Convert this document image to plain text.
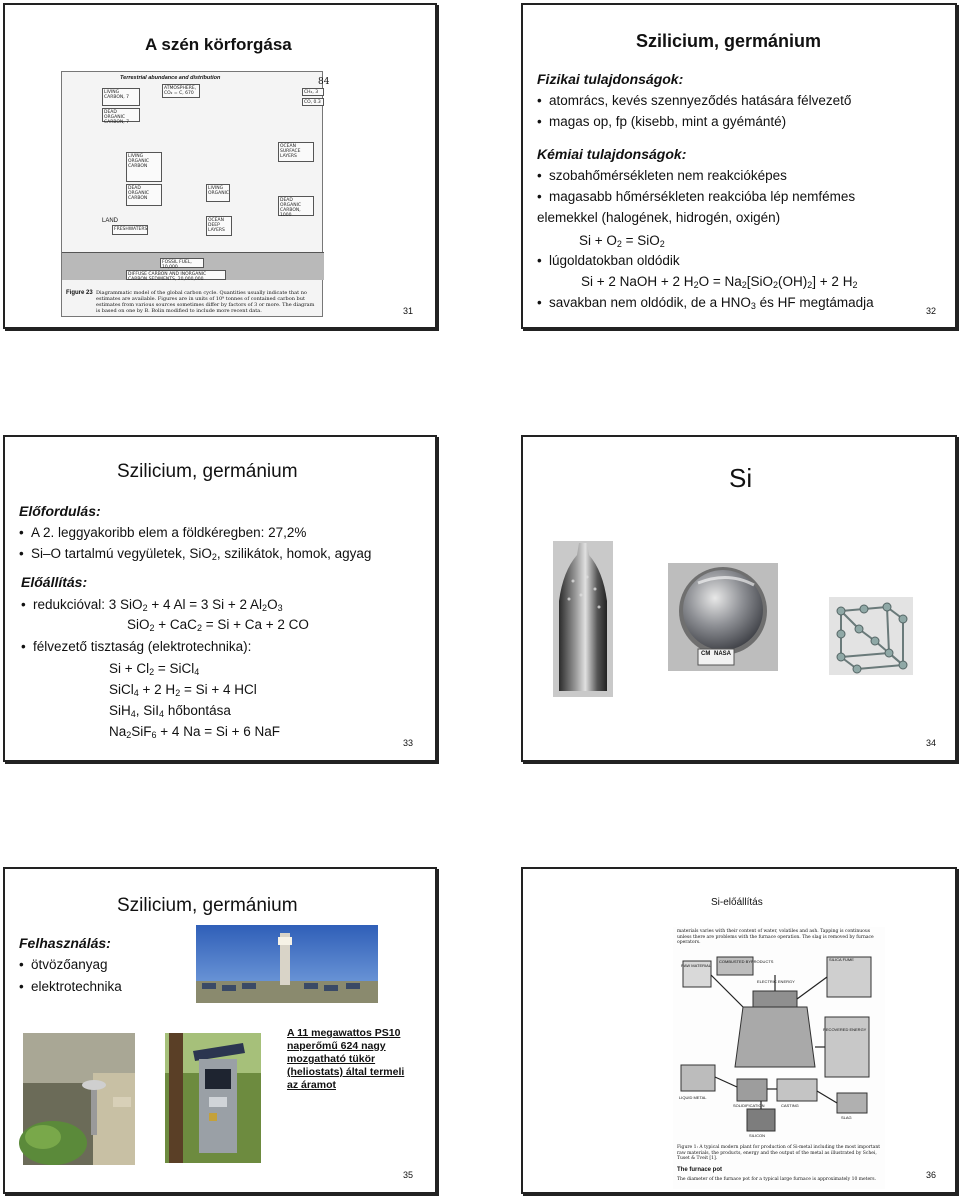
A szén körforgása
Terrestrial abundance and distribution	84
LIVING CARBON, 7
ATMOSPHERE, CO₂ = C, 670	CH₄, 3
CO, 0.3
DEAD ORGANIC CARBON, 7
LIVING ORGANIC CARBON
DEAD ORGANIC CARBON
FRESHWATERS
LIVING ORGANIC
OCEAN DEEP LAYERS
OCEAN SURFACE LAYERS
DEAD ORGANIC CARBON, 1000
LAND
FOSSIL FUEL, 10,000
DIFFUSE CARBON AND INORGANIC CARBON SEDIMENTS, 20,000,000
Figure 23 Diagrammatic model of the global carbon cycle. Quantities usually indicate that no estimates are available. Figures are in units of 10⁹ tonnes of contained carbon but estimates from various sources sometimes differ by factors of 3 or more. The diagram is based on one by B. Bolin modified to include more recent data.	31
Szilicium, germánium
Fizikai tulajdonságok:
• atomrács, kevés szennyeződés hatására félvezető
• magas op, fp (kisebb, mint a gyémánté)
Kémiai tulajdonságok:
• szobahőmérsékleten nem reakcióképes
• magasabb hőmérsékleten reakcióba lép nemfémes
elemekkel (halogének, hidrogén, oxigén)
$Si + O_2 = SiO_2$
• lúgoldatokban oldódik
Si + 2 NaOH + 2 $H_2O = Na_2[SiO_2(OH)_2] + 2$ $H_2$
• savakban nem oldódik, de a $HNO_3$ és HF megtámadja
32
Szilicium, germánium
Előfordulás:
• A 2. leggyakoribb elem a földkéregben: 27,2%
• Si–O tartalmú vegyületek, SiO$_2$, szilikátok, homok, agyag
Előállítás:
• redukcióval: 3 SiO$_2$ + 4 Al = 3 Si + 2 $Al_2O_3$
SiO$_2$ + CaC$_2$ = Si + Ca + 2 CO
• félvezető tisztaság (elektrotechnika):
$Si + Cl_2$ = SiCl$_4$
SiCl$_4$ + 2 $H_2 = Si + 4$ HCl
SiH$_4$, SiI$_4$ hőbontása
$Na_2SiF_6 + 4$ Na = Si + 6 NaF
33
Si
CM NASA
34
Szilicium, germánium
Felhasználás:
• ötvözőanyag
• elektrotechnika
A 11 megawattos PS10
naperőmű 624 nagy
mozgatható tükör
(heliostats) által termeli
az áramot
35
Si-előállítás
materials varies with their content of water, volatiles and ash. Tapping is continuous unless there are problems with the furnace operation. The slag is removed by furnace operators.
RAW MATERIAL
COMBUSTED BYPRODUCTS	SILICA FUME
ELECTRIC ENERGY
LIQUID METAL
RECOVERED ENERGY
SLAG
SILICON
CASTING
SOLIDIFICATION
Figure 1: A typical modern plant for production of Si-metal including the most important raw materials, the products, energy and the output of the metal as illustrated by Schei, Tuset & Tveit [1].
The furnace pot
The diameter of the furnace pot for a typical large furnace is approximately 10 meters.	36
